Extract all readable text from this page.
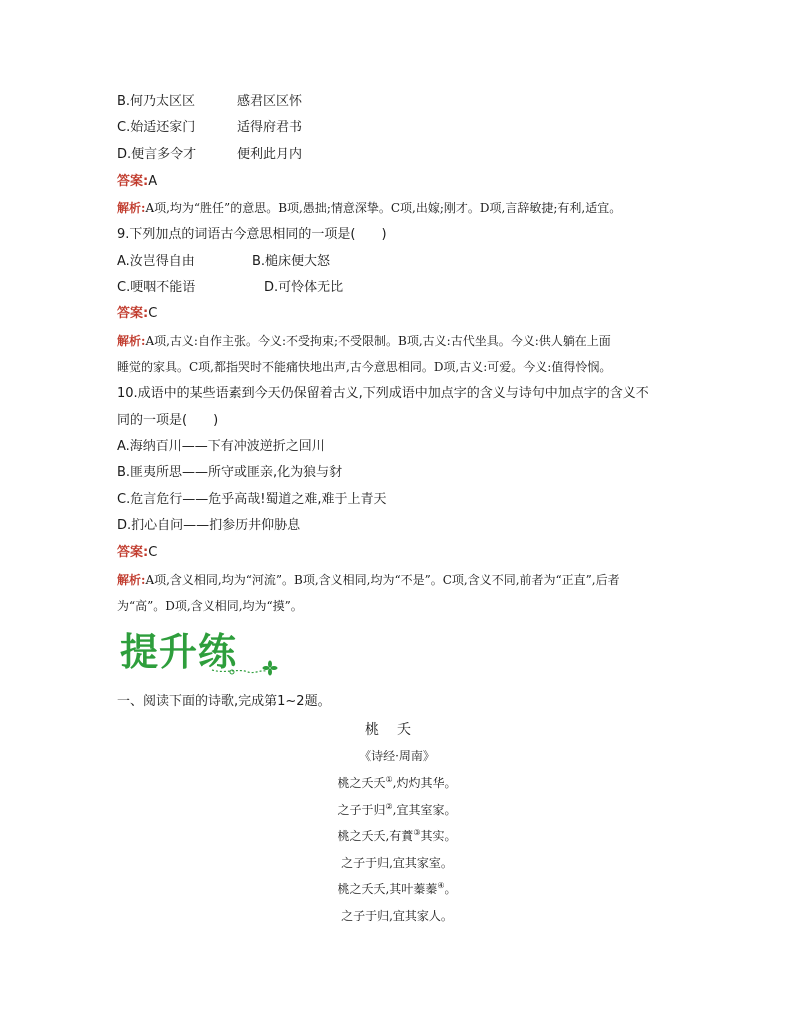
B.何乃太区区	感君区区怀
C.始适还家门	适得府君书
D.便言多令才	便利此月内
答案:A
解析:A项,均为“胜任”的意思。B项,愚拙;情意深挚。C项,出嫁;刚才。D项,言辞敏捷;有利,适宜。
9.下列加点的词语古今意思相同的一项是(　　)
A.汝岂得自由	B.槌床便大怒
C.哽咽不能语	D.可怜体无比
答案:C
解析:A项,古义:自作主张。今义:不受拘束;不受限制。B项,古义:古代坐具。今义:供人躺在上面
睡觉的家具。C项,都指哭时不能痛快地出声,古今意思相同。D项,古义:可爱。今义:值得怜悯。
10.成语中的某些语素到今天仍保留着古义,下列成语中加点字的含义与诗句中加点字的含义不
同的一项是(　　)
A.海纳百川——下有冲波逆折之回川
B.匪夷所思——所守或匪亲,化为狼与豺
C.危言危行——危乎高哉!蜀道之难,难于上青天
D.扪心自问——扪参历井仰胁息
答案:C
解析:A项,含义相同,均为“河流”。B项,含义相同,均为“不是”。C项,含义不同,前者为“正直”,后者
为“高”。D项,含义相同,均为“摸”。
提升练
一、阅读下面的诗歌,完成第1~2题。
桃夭
《诗经·周南》
桃之夭夭①,灼灼其华。
之子于归②,宜其室家。
桃之夭夭,有蕡③其实。
之子于归,宜其家室。
桃之夭夭,其叶蓁蓁④。
之子于归,宜其家人。
